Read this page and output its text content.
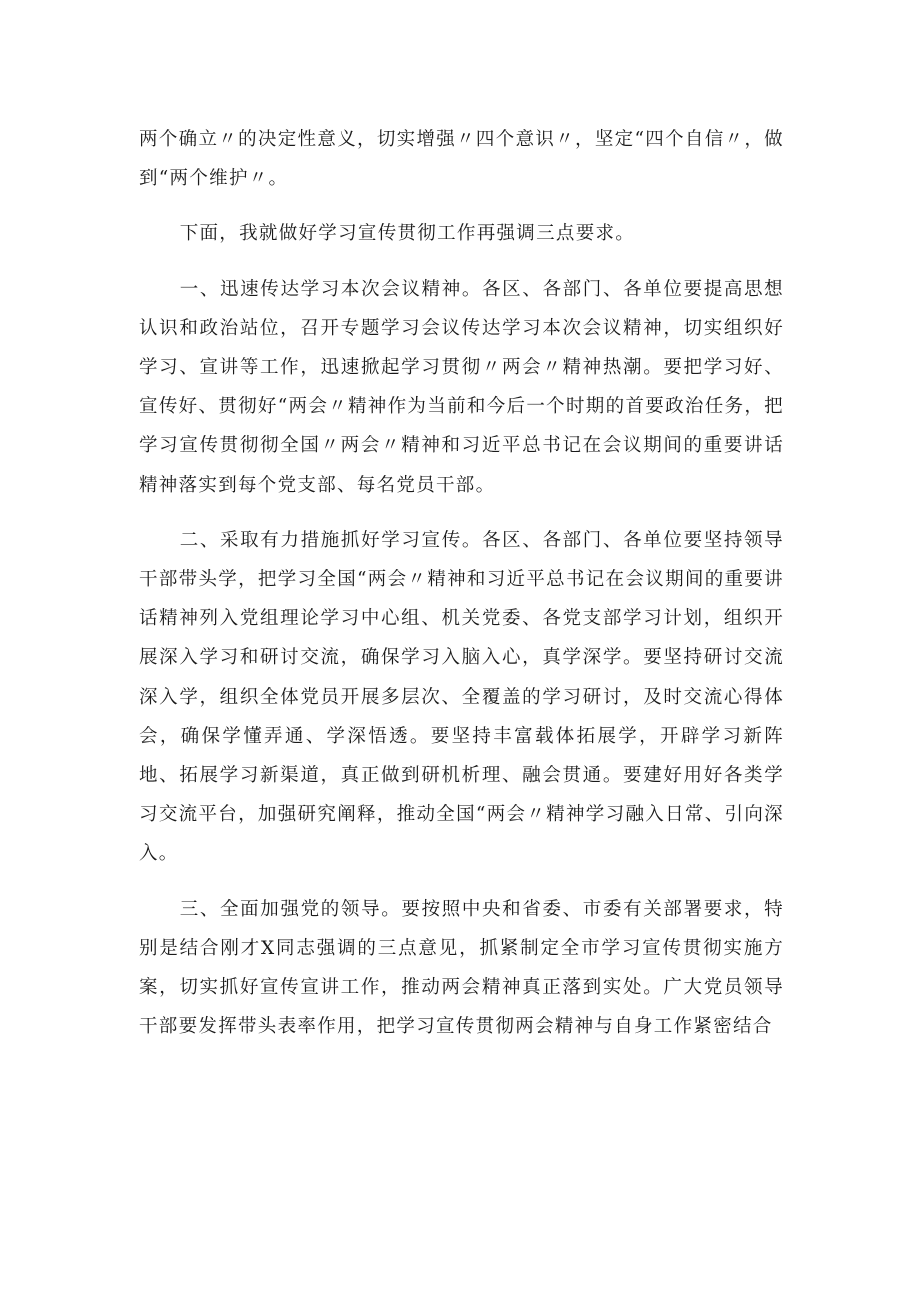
两个确立〃的决定性意义，切实增强〃四个意识〃，坚定“四个自信〃，做到“两个维护〃。

下面，我就做好学习宣传贯彻工作再强调三点要求。

一、迅速传达学习本次会议精神。各区、各部门、各单位要提高思想认识和政治站位，召开专题学习会议传达学习本次会议精神，切实组织好学习、宣讲等工作，迅速掀起学习贯彻〃两会〃精神热潮。要把学习好、宣传好、贯彻好“两会〃精神作为当前和今后一个时期的首要政治任务，把学习宣传贯彻彻全国〃两会〃精神和习近平总书记在会议期间的重要讲话精神落实到每个党支部、每名党员干部。

二、采取有力措施抓好学习宣传。各区、各部门、各单位要坚持领导干部带头学，把学习全国“两会〃精神和习近平总书记在会议期间的重要讲话精神列入党组理论学习中心组、机关党委、各党支部学习计划，组织开展深入学习和研讨交流，确保学习入脑入心，真学深学。要坚持研讨交流深入学，组织全体党员开展多层次、全覆盖的学习研讨，及时交流心得体会，确保学懂弄通、学深悟透。要坚持丰富载体拓展学，开辟学习新阵地、拓展学习新渠道，真正做到研机析理、融会贯通。要建好用好各类学习交流平台，加强研究阐释，推动全国“两会〃精神学习融入日常、引向深入。

三、全面加强党的领导。要按照中央和省委、市委有关部署要求，特别是结合刚才X同志强调的三点意见，抓紧制定全市学习宣传贯彻实施方案，切实抓好宣传宣讲工作，推动两会精神真正落到实处。广大党员领导干部要发挥带头表率作用，把学习宣传贯彻两会精神与自身工作紧密结合
